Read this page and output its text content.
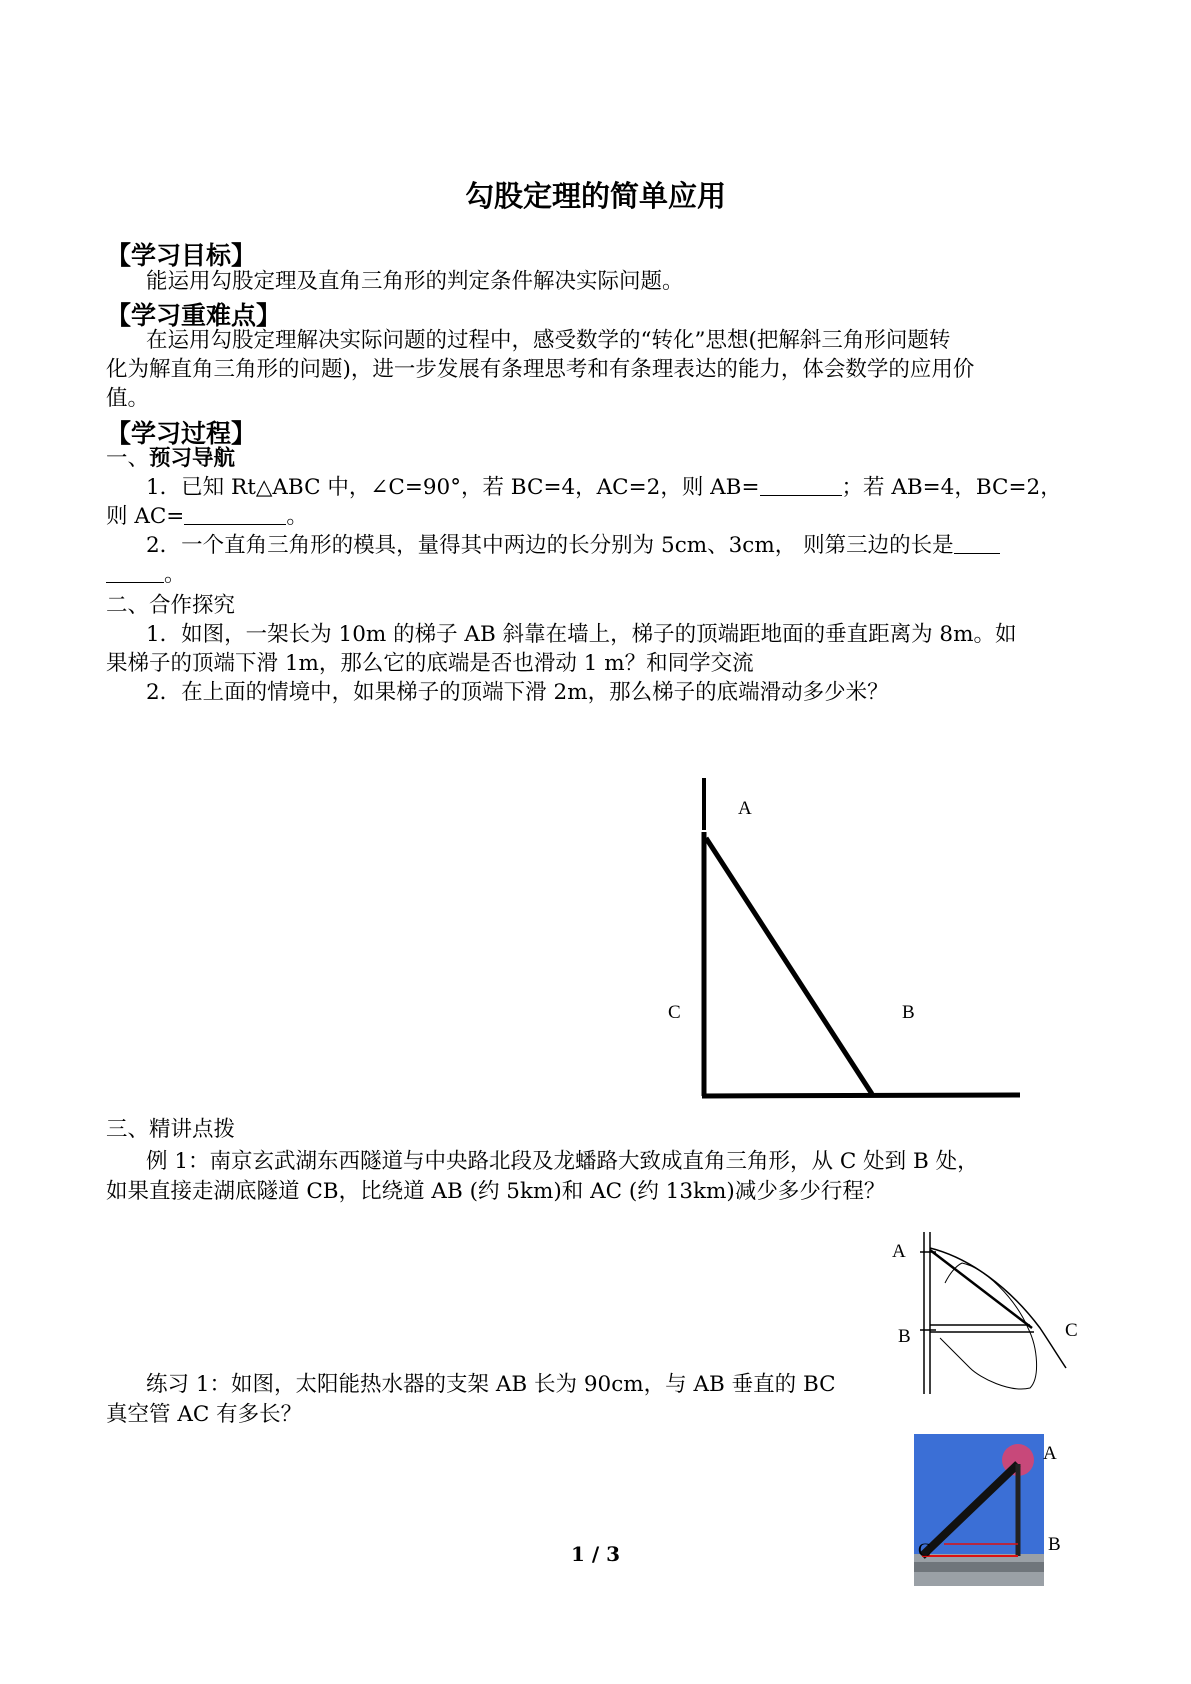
勾股定理的简单应用
【学习目标】
能运用勾股定理及直角三角形的判定条件解决实际问题。
【学习重难点】
在运用勾股定理解决实际问题的过程中，感受数学的“转化”思想(把解斜三角形问题转
化为解直角三角形的问题)，进一步发展有条理思考和有条理表达的能力，体会数学的应用价
值。
【学习过程】
一、预习导航
1．已知 Rt△ABC 中，∠C=90°，若 BC=4，AC=2，则 AB=	；若 AB=4，BC=2，
则 AC=	。
2．一个直角三角形的模具，量得其中两边的长分别为 5cm、3cm， 则第三边的长是
。
二、合作探究
1．如图，一架长为 10m 的梯子 AB 斜靠在墙上，梯子的顶端距地面的垂直距离为 8m。如
果梯子的顶端下滑 1m，那么它的底端是否也滑动 1 m？和同学交流
2．在上面的情境中，如果梯子的顶端下滑 2m，那么梯子的底端滑动多少米？
A
C	B
三、精讲点拨
例 1：南京玄武湖东西隧道与中央路北段及龙蟠路大致成直角三角形，从 C 处到 B 处，
如果直接走湖底隧道 CB，比绕道 AB (约 5km)和 AC (约 13km)减少多少行程？
A
B	C
练习 1：如图，太阳能热水器的支架 AB 长为 90cm，与 AB 垂直的 BC
真空管 AC 有多长？
A
C	B
1 / 3
